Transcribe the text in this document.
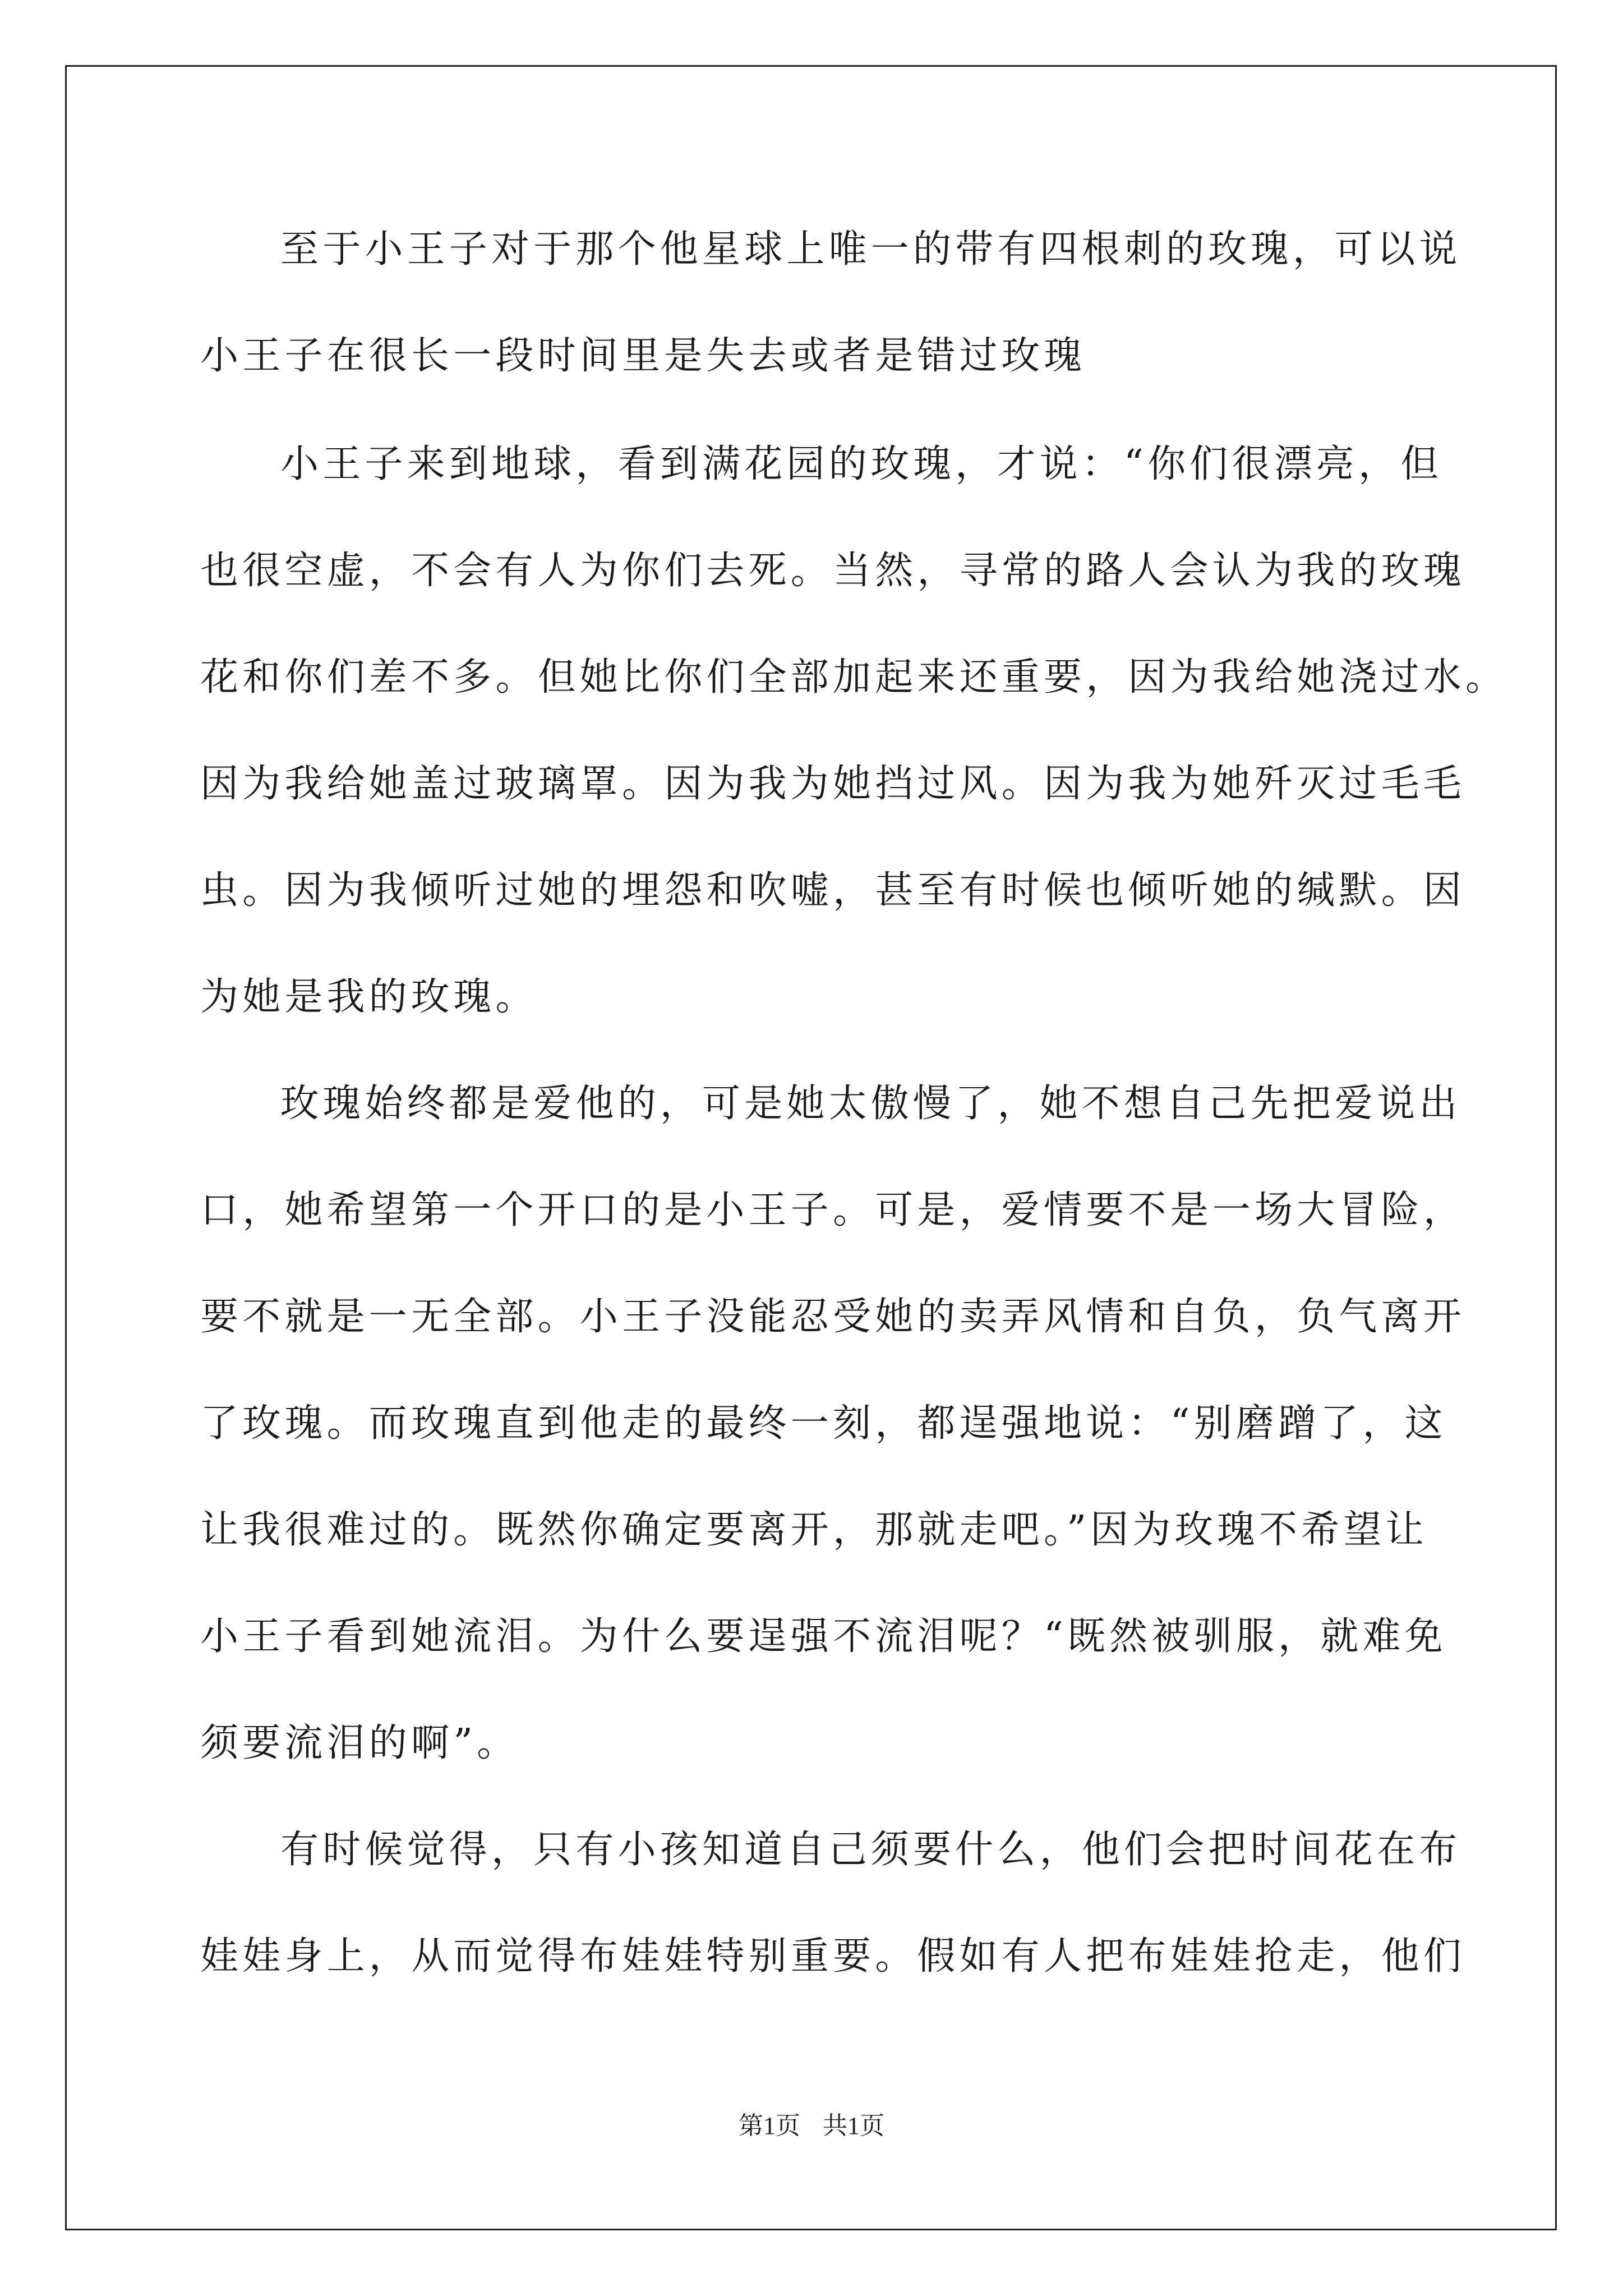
至于小王子对于那个他星球上唯一的带有四根刺的玫瑰，可以说
小王子在很长一段时间里是失去或者是错过玫瑰
小王子来到地球，看到满花园的玫瑰，才说：“你们很漂亮，但
也很空虚，不会有人为你们去死。当然，寻常的路人会认为我的玫瑰
花和你们差不多。但她比你们全部加起来还重要，因为我给她浇过水。
因为我给她盖过玻璃罩。因为我为她挡过风。因为我为她歼灭过毛毛
虫。因为我倾听过她的埋怨和吹嘘，甚至有时候也倾听她的缄默。因
为她是我的玫瑰。
玫瑰始终都是爱他的，可是她太傲慢了，她不想自己先把爱说出
口，她希望第一个开口的是小王子。可是，爱情要不是一场大冒险，
要不就是一无全部。小王子没能忍受她的卖弄风情和自负，负气离开
了玫瑰。而玫瑰直到他走的最终一刻，都逞强地说：“别磨蹭了，这
让我很难过的。既然你确定要离开，那就走吧。”因为玫瑰不希望让
小王子看到她流泪。为什么要逞强不流泪呢？“既然被驯服，就难免
须要流泪的啊”。
有时候觉得，只有小孩知道自己须要什么，他们会把时间花在布
娃娃身上，从而觉得布娃娃特别重要。假如有人把布娃娃抢走，他们
第1页 共1页
